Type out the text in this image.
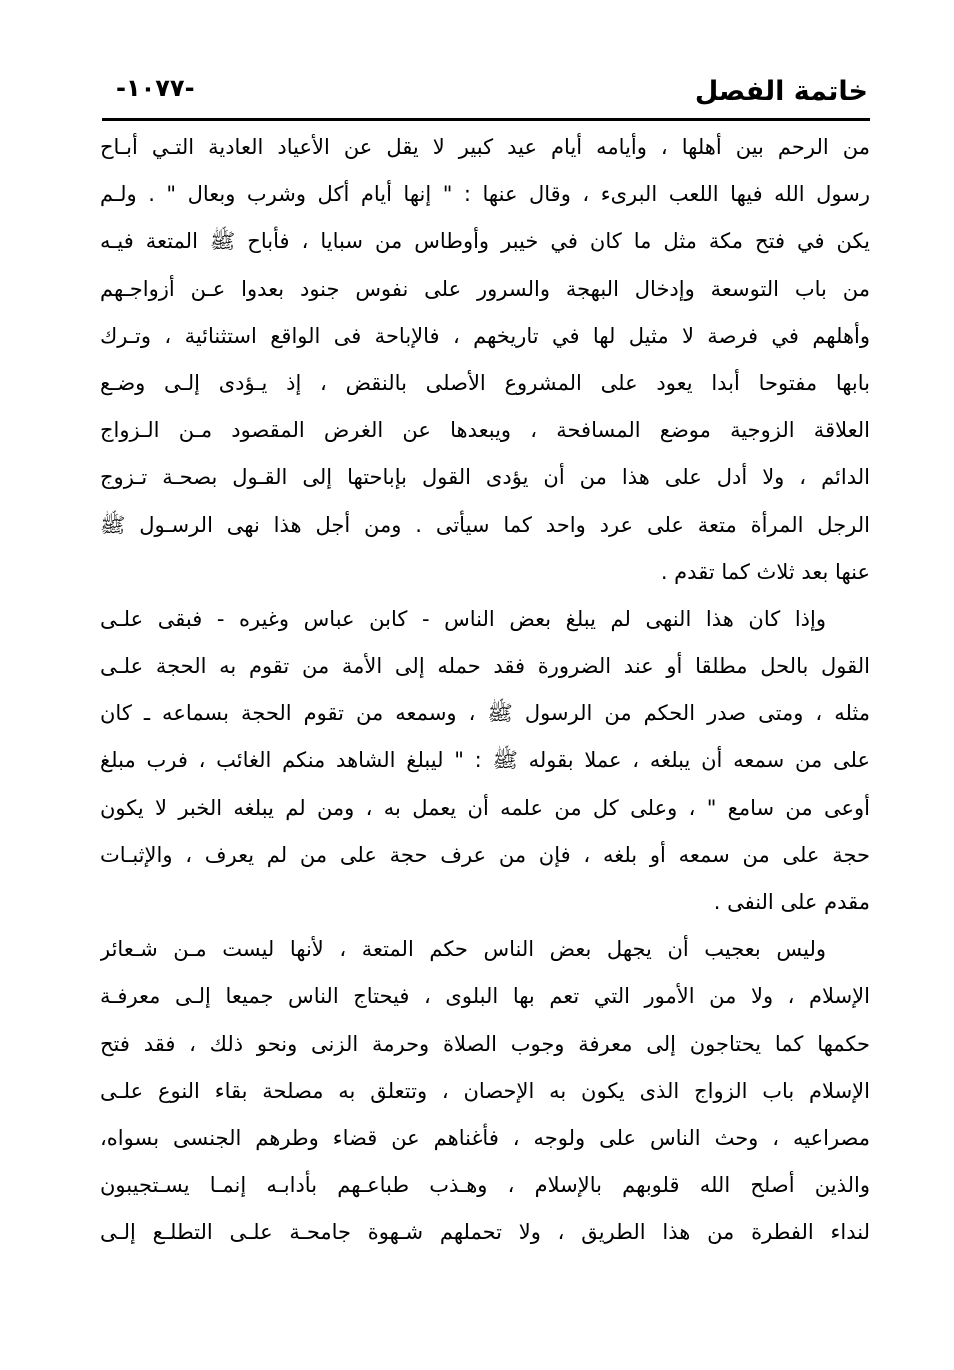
خاتمة الفصل
-١٠٧٧-
من الرحم بين أهلها ، وأيامه أيام عيد كبير لا يقل عن الأعياد العادية التـي أبـاح
رسول الله فيها اللعب البرىء ، وقال عنها : " إنها أيام أكل وشرب وبعال " . ولـم
يكن في فتح مكة مثل ما كان في خيبر وأوطاس من سبايا ، فأباح ﷺ المتعة فيـه
من باب التوسعة وإدخال البهجة والسرور على نفوس جنود بعدوا عـن أزواجـهم
وأهلهم في فرصة لا مثيل لها في تاريخهم ، فالإباحة فى الواقع استثنائية ، وتـرك
بابها مفتوحا أبدا يعود على المشروع الأصلى بالنقض ، إذ يـؤدى إلـى وضـع
العلاقة الزوجية موضع المسافحة ، ويبعدها عن الغرض المقصود مـن الـزواج
الدائم ، ولا أدل على هذا من أن يؤدى القول بإباحتها إلى القـول بصحـة تـزوج
الرجل المرأة متعة على عرد واحد كما سيأتى . ومن أجل هذا نهى الرسـول ﷺ
عنها بعد ثلاث كما تقدم .
وإذا كان هذا النهى لم يبلغ بعض الناس - كابن عباس وغيره - فبقى علـى
القول بالحل مطلقا أو عند الضرورة فقد حمله إلى الأمة من تقوم به الحجة علـى
مثله ، ومتى صدر الحكم من الرسول ﷺ ، وسمعه من تقوم الحجة بسماعه ـ كان
على من سمعه أن يبلغه ، عملا بقوله ﷺ : " ليبلغ الشاهد منكم الغائب ، فرب مبلغ
أوعى من سامع " ، وعلى كل من علمه أن يعمل به ، ومن لم يبلغه الخبر لا يكون
حجة على من سمعه أو بلغه ، فإن من عرف حجة على من لم يعرف ، والإثبـات
مقدم على النفى .
وليس بعجيب أن يجهل بعض الناس حكم المتعة ، لأنها ليست مـن شـعائر
الإسلام ، ولا من الأمور التي تعم بها البلوى ، فيحتاج الناس جميعا إلـى معرفـة
حكمها كما يحتاجون إلى معرفة وجوب الصلاة وحرمة الزنى ونحو ذلك ، فقد فتح
الإسلام باب الزواج الذى يكون به الإحصان ، وتتعلق به مصلحة بقاء النوع علـى
مصراعيه ، وحث الناس على ولوجه ، فأغناهم عن قضاء وطرهم الجنسى بسواه،
والذين أصلح الله قلوبهم بالإسلام ، وهـذب طباعـهم بأدابـه إنمـا يسـتجيبون
لنداء الفطرة من هذا الطريق ، ولا تحملهم شـهوة جامحـة علـى التطلـع إلـى
